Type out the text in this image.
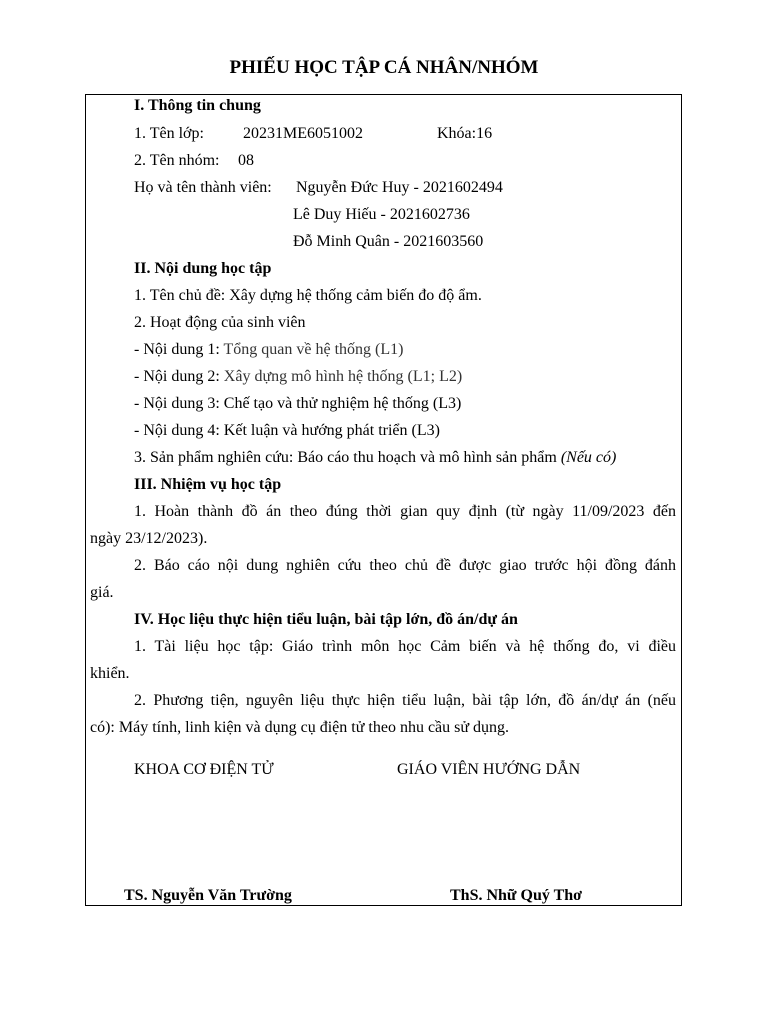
PHIẾU HỌC TẬP CÁ NHÂN/NHÓM
I. Thông tin chung
1. Tên lớp: 20231ME6051002	Khóa:16
2. Tên nhóm: 08
Họ và tên thành viên: Nguyễn Đức Huy - 2021602494
Lê Duy Hiếu - 2021602736
Đỗ Minh Quân - 2021603560
II. Nội dung học tập
1. Tên chủ đề: Xây dựng hệ thống cảm biến đo độ ẩm.
2. Hoạt động của sinh viên
- Nội dung 1: Tổng quan về hệ thống (L1)
- Nội dung 2: Xây dựng mô hình hệ thống (L1; L2)
- Nội dung 3: Chế tạo và thử nghiệm hệ thống (L3)
- Nội dung 4: Kết luận và hướng phát triển (L3)
3. Sản phẩm nghiên cứu: Báo cáo thu hoạch và mô hình sản phẩm (Nếu có)
III. Nhiệm vụ học tập
1. Hoàn thành đồ án theo đúng thời gian quy định (từ ngày 11/09/2023 đến
ngày 23/12/2023).
2. Báo cáo nội dung nghiên cứu theo chủ đề được giao trước hội đồng đánh
giá.
IV. Học liệu thực hiện tiểu luận, bài tập lớn, đồ án/dự án
1. Tài liệu học tập: Giáo trình môn học Cảm biến và hệ thống đo, vi điều
khiển.
2. Phương tiện, nguyên liệu thực hiện tiểu luận, bài tập lớn, đồ án/dự án (nếu
có): Máy tính, linh kiện và dụng cụ điện tử theo nhu cầu sử dụng.
KHOA CƠ ĐIỆN TỬ	GIÁO VIÊN HƯỚNG DẪN
TS. Nguyễn Văn Trường	ThS. Nhữ Quý Thơ
